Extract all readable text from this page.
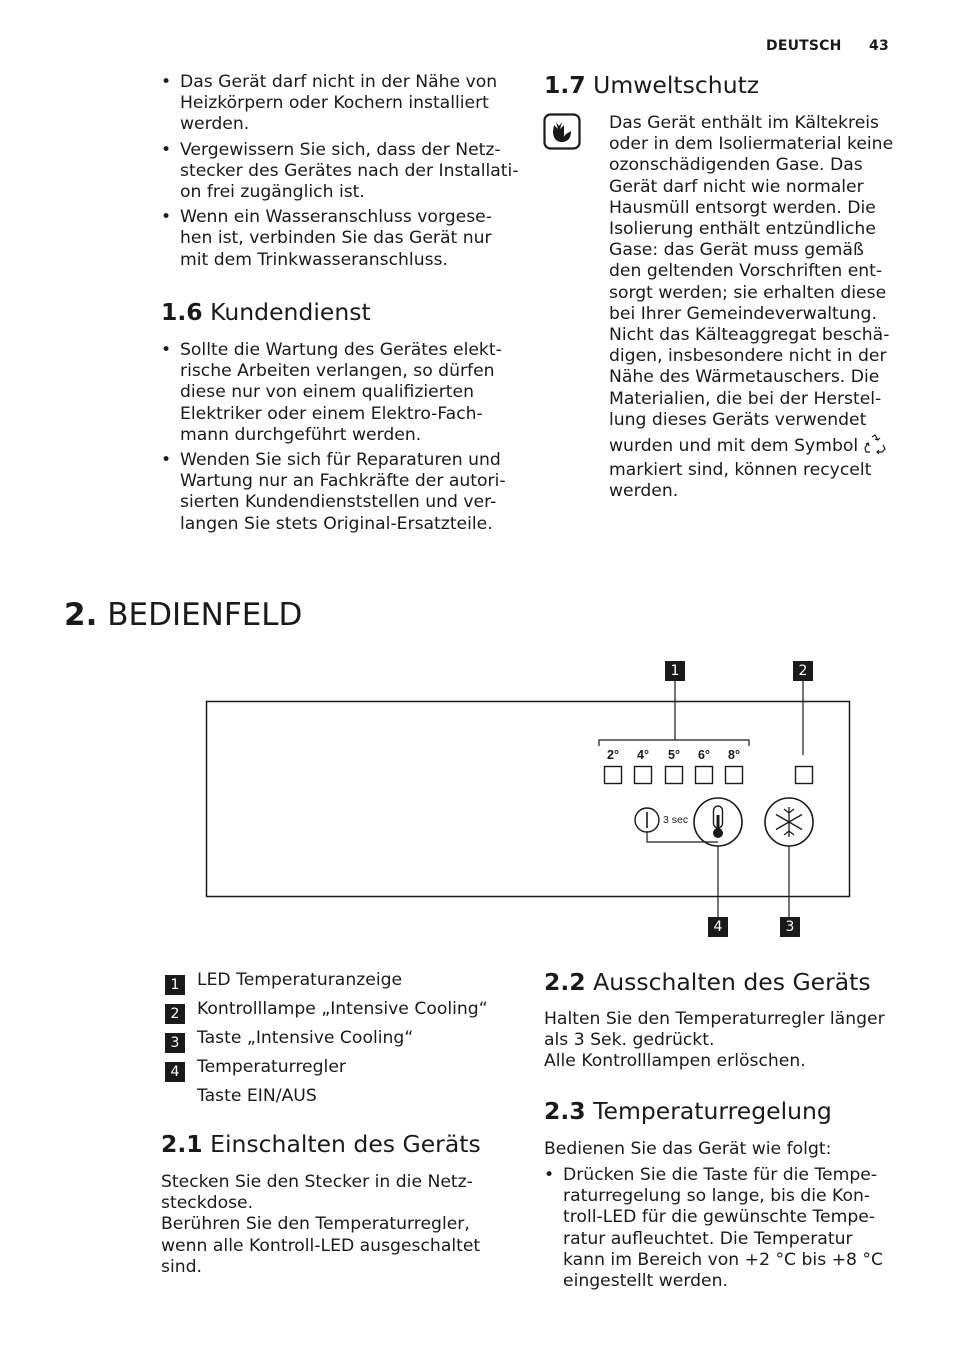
DEUTSCH 43
• Das Gerät darf nicht in der Nähe von
Heizkörpern oder Kochern installiert
werden.
• Vergewissern Sie sich, dass der Netz-
stecker des Gerätes nach der Installati-
on frei zugänglich ist.
• Wenn ein Wasseranschluss vorgese-
hen ist, verbinden Sie das Gerät nur
mit dem Trinkwasseranschluss.
1.6 Kundendienst
• Sollte die Wartung des Gerätes elekt-
rische Arbeiten verlangen, so dürfen
diese nur von einem qualifizierten
Elektriker oder einem Elektro-Fach-
mann durchgeführt werden.
• Wenden Sie sich für Reparaturen und
Wartung nur an Fachkräfte der autori-
sierten Kundendienststellen und ver-
langen Sie stets Original-Ersatzteile.
1.7 Umweltschutz
Das Gerät enthält im Kältekreis
oder in dem Isoliermaterial keine
ozonschädigenden Gase. Das
Gerät darf nicht wie normaler
Hausmüll entsorgt werden. Die
Isolierung enthält entzündliche
Gase: das Gerät muss gemäß
den geltenden Vorschriften ent-
sorgt werden; sie erhalten diese
bei Ihrer Gemeindeverwaltung.
Nicht das Kälteaggregat beschä-
digen, insbesondere nicht in der
Nähe des Wärmetauschers. Die
Materialien, die bei der Herstel-
lung dieses Geräts verwendet
wurden und mit dem Symbol
markiert sind, können recycelt
werden.
2. BEDIENFELD
2° 4° 5° 6° 8°
3 sec
1	2
3
4
1	LED Temperaturanzeige
2	Kontrolllampe „Intensive Cooling“
3	Taste „Intensive Cooling“
4	Temperaturregler
Taste EIN/AUS
2.1 Einschalten des Geräts
Stecken Sie den Stecker in die Netz-
steckdose.
Berühren Sie den Temperaturregler,
wenn alle Kontroll-LED ausgeschaltet
sind.
2.2 Ausschalten des Geräts
Halten Sie den Temperaturregler länger
als 3 Sek. gedrückt.
Alle Kontrolllampen erlöschen.
2.3 Temperaturregelung
Bedienen Sie das Gerät wie folgt:
• Drücken Sie die Taste für die Tempe-
raturregelung so lange, bis die Kon-
troll-LED für die gewünschte Tempe-
ratur aufleuchtet. Die Temperatur
kann im Bereich von +2 °C bis +8 °C
eingestellt werden.
